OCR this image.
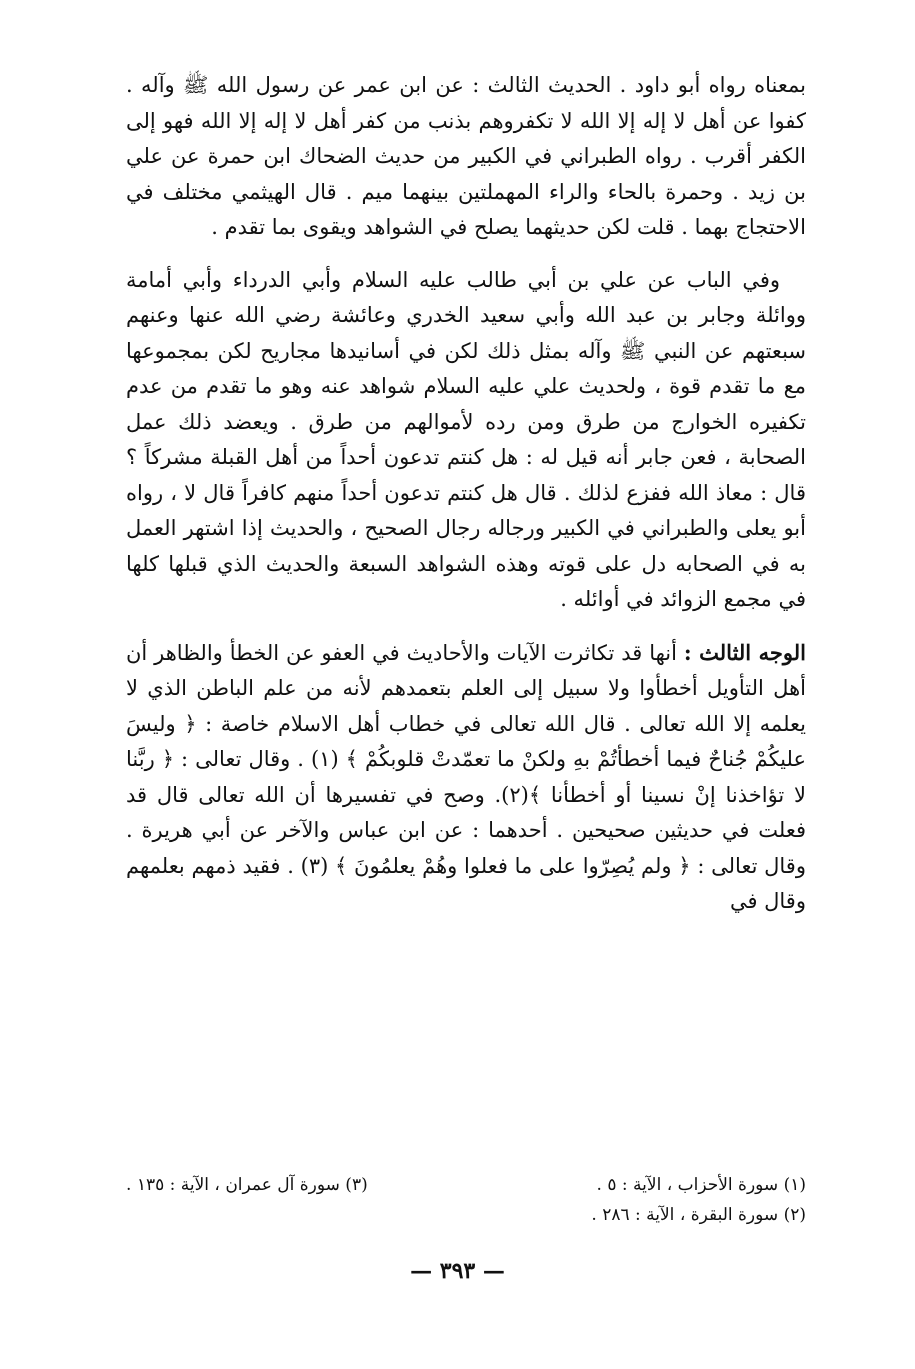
بمعناه رواه أبو داود . الحديث الثالث : عن ابن عمر عن رسول الله ﷺ وآله . كفوا عن أهل لا إله إلا الله لا تكفروهم بذنب من كفر أهل لا إله إلا الله فهو إلى الكفر أقرب . رواه الطبراني في الكبير من حديث الضحاك ابن حمرة عن علي بن زيد . وحمرة بالحاء والراء المهملتين بينهما ميم . قال الهيثمي مختلف في الاحتجاج بهما . قلت لكن حديثهما يصلح في الشواهد ويقوى بما تقدم .

وفي الباب عن علي بن أبي طالب عليه السلام وأبي الدرداء وأبي أمامة ووائلة وجابر بن عبد الله وأبي سعيد الخدري وعائشة رضي الله عنها وعنهم سبعتهم عن النبي ﷺ وآله بمثل ذلك لكن في أسانيدها مجاريح لكن بمجموعها مع ما تقدم قوة ، ولحديث علي عليه السلام شواهد عنه وهو ما تقدم من عدم تكفيره الخوارج من طرق ومن رده لأموالهم من طرق . ويعضد ذلك عمل الصحابة ، فعن جابر أنه قيل له : هل كنتم تدعون أحداً من أهل القبلة مشركاً ؟ قال : معاذ الله ففزع لذلك . قال هل كنتم تدعون أحداً منهم كافراً قال لا ، رواه أبو يعلى والطبراني في الكبير ورجاله رجال الصحيح ، والحديث إذا اشتهر العمل به في الصحابه دل على قوته وهذه الشواهد السبعة والحديث الذي قبلها كلها في مجمع الزوائد في أوائله .

الوجه الثالث : أنها قد تكاثرت الآيات والأحاديث في العفو عن الخطأ والظاهر أن أهل التأويل أخطأوا ولا سبيل إلى العلم بتعمدهم لأنه من علم الباطن الذي لا يعلمه إلا الله تعالى . قال الله تعالى في خطاب أهل الاسلام خاصة : ﴿ وليسَ عليكُمْ جُناحٌ فيما أخطأتُمْ بهِ ولكنْ ما تعمّدتْ قلوبكُمْ ﴾ (١) . وقال تعالى : ﴿ ربَّنا لا تؤاخذنا إنْ نسينا أو أخطأنا ﴾(٢). وصح في تفسيرها أن الله تعالى قال قد فعلت في حديثين صحيحين . أحدهما : عن ابن عباس والآخر عن أبي هريرة . وقال تعالى : ﴿ ولم يُصِرّوا على ما فعلوا وهُمْ يعلمُونَ ﴾ (٣) . فقيد ذمهم بعلمهم وقال في

(١) سورة الأحزاب ، الآية : ٥ .
(٣) سورة آل عمران ، الآية : ١٣٥ .
(٢) سورة البقرة ، الآية : ٢٨٦ .
— ٣٩٣ —
